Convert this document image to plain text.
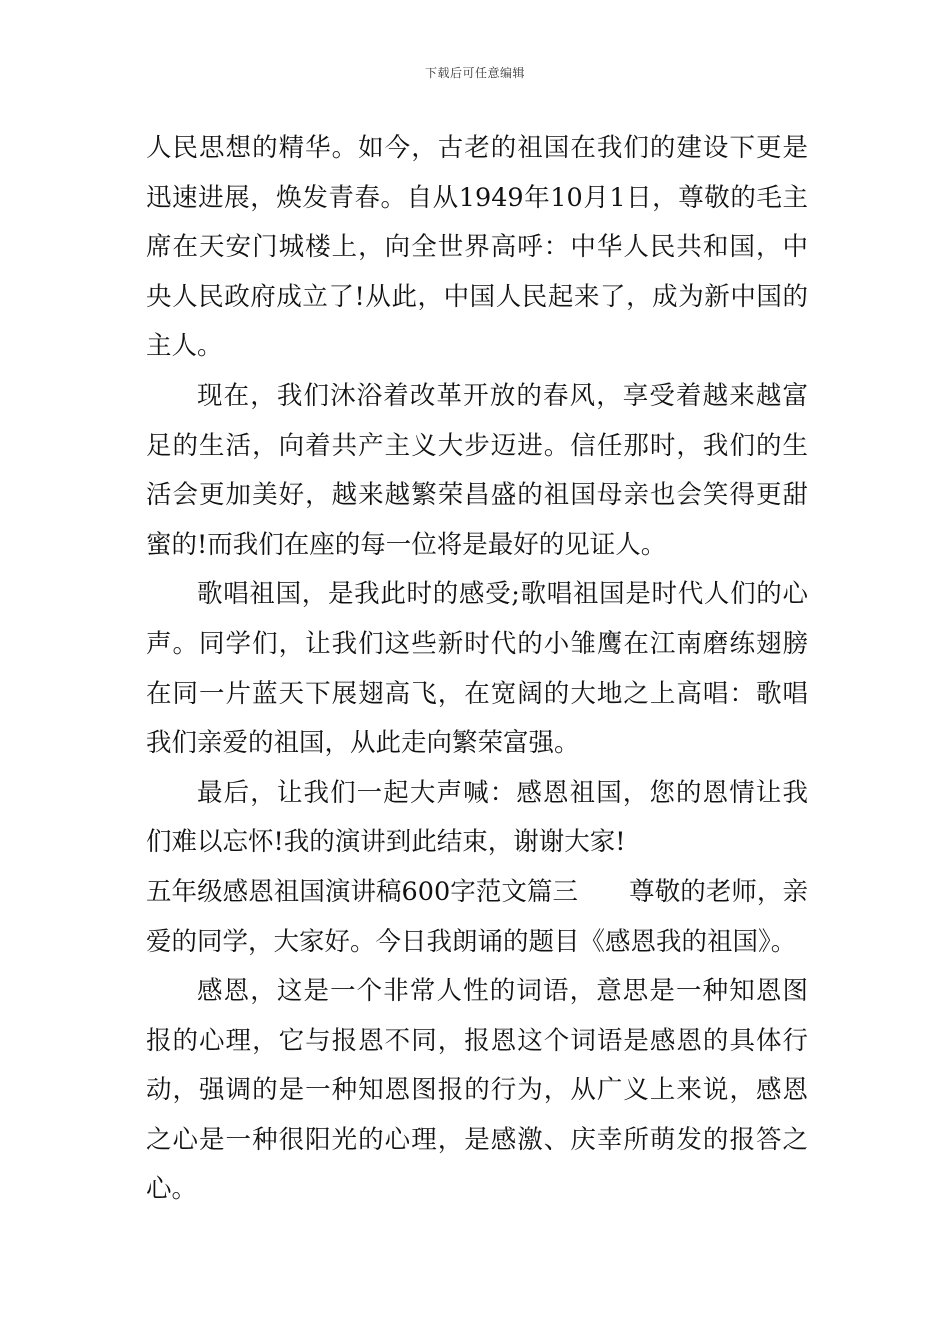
下载后可任意编辑

人民思想的精华。如今，古老的祖国在我们的建设下更是迅速进展，焕发青春。自从1949年10月1日，尊敬的毛主席在天安门城楼上，向全世界高呼：中华人民共和国，中央人民政府成立了!从此，中国人民起来了，成为新中国的主人。

现在，我们沐浴着改革开放的春风，享受着越来越富足的生活，向着共产主义大步迈进。信任那时，我们的生活会更加美好，越来越繁荣昌盛的祖国母亲也会笑得更甜蜜的!而我们在座的每一位将是最好的见证人。

歌唱祖国，是我此时的感受;歌唱祖国是时代人们的心声。同学们，让我们这些新时代的小雏鹰在江南磨练翅膀在同一片蓝天下展翅高飞，在宽阔的大地之上高唱：歌唱我们亲爱的祖国，从此走向繁荣富强。

最后，让我们一起大声喊：感恩祖国，您的恩情让我们难以忘怀!我的演讲到此结束，谢谢大家!

五年级感恩祖国演讲稿600字范文篇三　　尊敬的老师，亲爱的同学，大家好。今日我朗诵的题目《感恩我的祖国》。

感恩，这是一个非常人性的词语，意思是一种知恩图报的心理，它与报恩不同，报恩这个词语是感恩的具体行动，强调的是一种知恩图报的行为，从广义上来说，感恩之心是一种很阳光的心理，是感激、庆幸所萌发的报答之心。
